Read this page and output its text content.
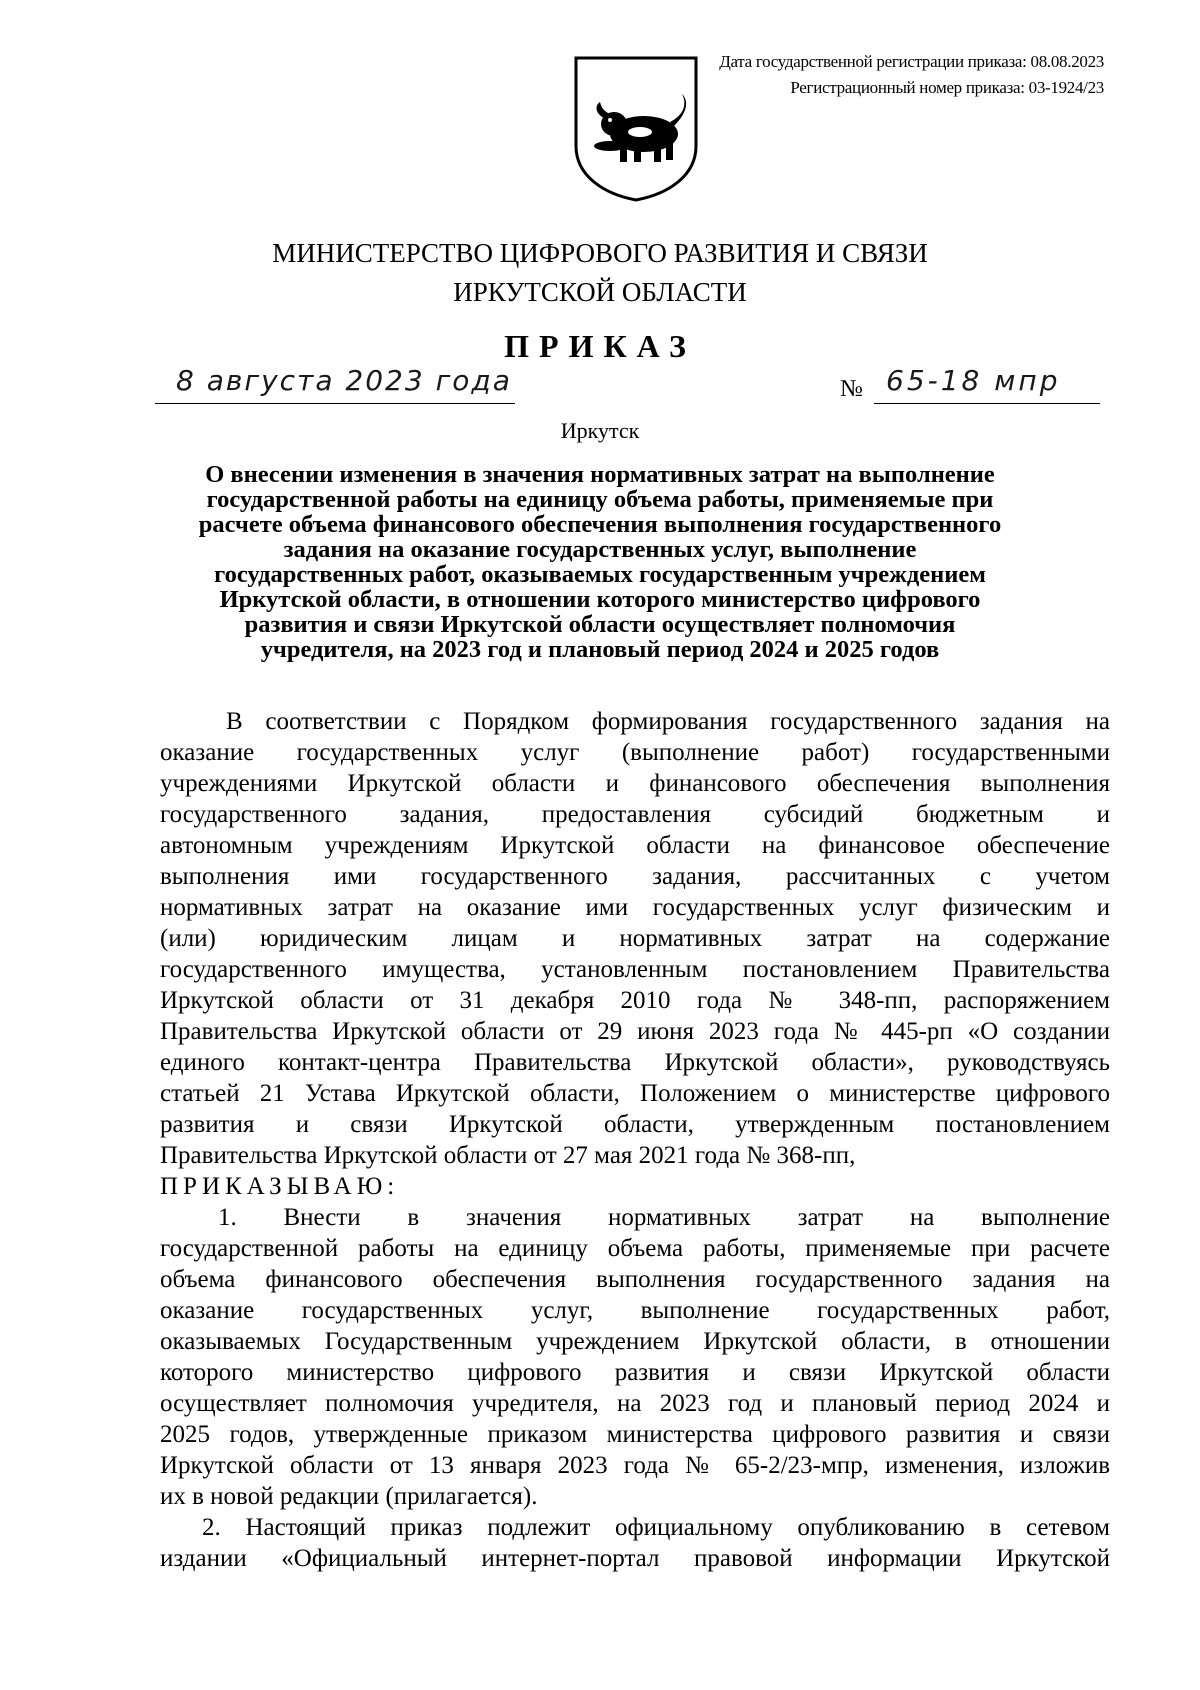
Дата государственной регистрации приказа: 08.08.2023
Регистрационный номер приказа: 03-1924/23
МИНИСТЕРСТВО ЦИФРОВОГО РАЗВИТИЯ И СВЯЗИ
ИРКУТСКОЙ ОБЛАСТИ
ПРИКАЗ
8 августа 2023 года	№ 65-18 мпр
Иркутск
О внесении изменения в значения нормативных затрат на выполнение
государственной работы на единицу объема работы, применяемые при
расчете объема финансового обеспечения выполнения государственного
задания на оказание государственных услуг, выполнение
государственных работ, оказываемых государственным учреждением
Иркутской области, в отношении которого министерство цифрового
развития и связи Иркутской области осуществляет полномочия
учредителя, на 2023 год и плановый период 2024 и 2025 годов
В соответствии с Порядком формирования государственного задания на
оказание государственных услуг (выполнение работ) государственными
учреждениями Иркутской области и финансового обеспечения выполнения
государственного задания, предоставления субсидий бюджетным и
автономным учреждениям Иркутской области на финансовое обеспечение
выполнения ими государственного задания, рассчитанных с учетом
нормативных затрат на оказание ими государственных услуг физическим и
(или) юридическим лицам и нормативных затрат на содержание
государственного имущества, установленным постановлением Правительства
Иркутской области от 31 декабря 2010 года № 348-пп, распоряжением
Правительства Иркутской области от 29 июня 2023 года № 445-рп «О создании
единого контакт-центра Правительства Иркутской области», руководствуясь
статьей 21 Устава Иркутской области, Положением о министерстве цифрового
развития и связи Иркутской области, утвержденным постановлением
Правительства Иркутской области от 27 мая 2021 года № 368-пп,
ПРИКАЗЫВАЮ:
1. Внести в значения нормативных затрат на выполнение
государственной работы на единицу объема работы, применяемые при расчете
объема финансового обеспечения выполнения государственного задания на
оказание государственных услуг, выполнение государственных работ,
оказываемых Государственным учреждением Иркутской области, в отношении
которого министерство цифрового развития и связи Иркутской области
осуществляет полномочия учредителя, на 2023 год и плановый период 2024 и
2025 годов, утвержденные приказом министерства цифрового развития и связи
Иркутской области от 13 января 2023 года № 65-2/23-мпр, изменения, изложив
их в новой редакции (прилагается).
2. Настоящий приказ подлежит официальному опубликованию в сетевом
издании «Официальный интернет-портал правовой информации Иркутской
